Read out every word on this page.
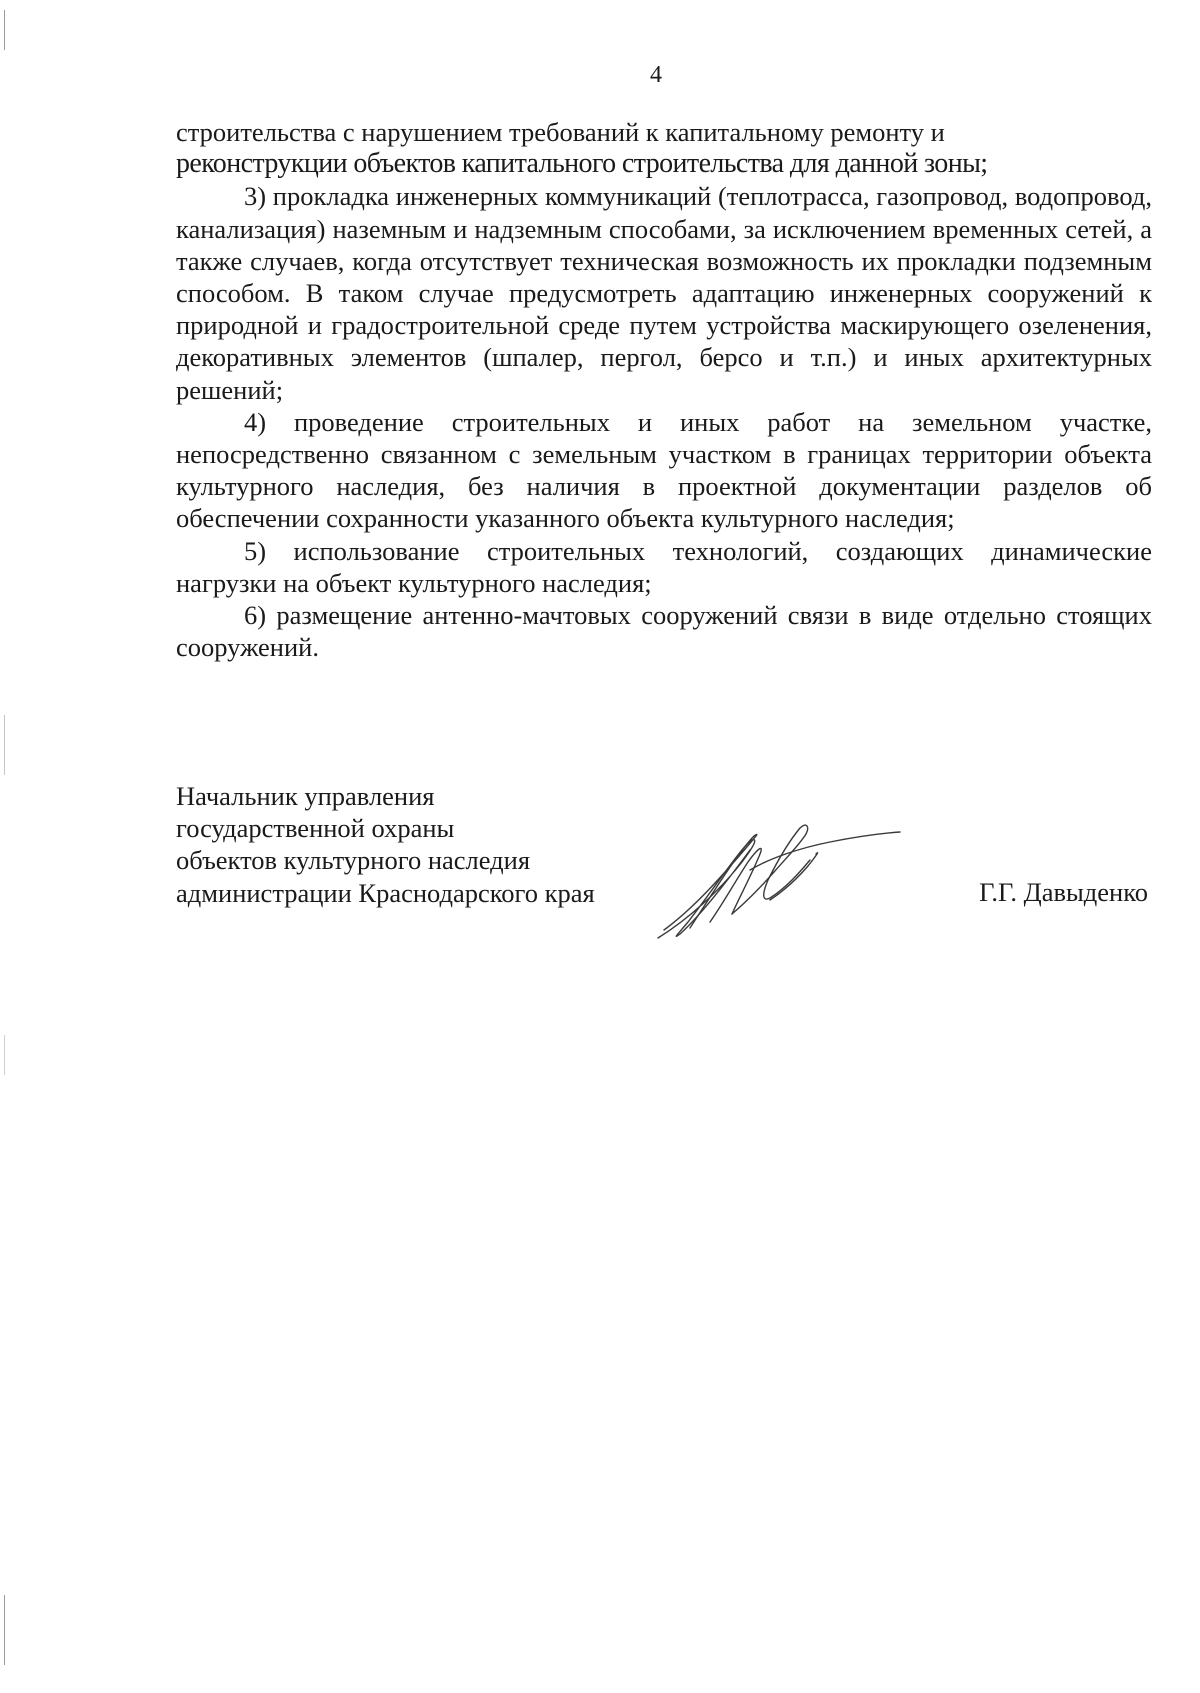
4

строительства с нарушением требований к капитальному ремонту и

реконструкции объектов капитального строительства для данной зоны;

3) прокладка инженерных коммуникаций (теплотрасса, газопровод, водопровод, канализация) наземным и надземным способами, за исключением временных сетей, а также случаев, когда отсутствует техническая возможность их прокладки подземным способом. В таком случае предусмотреть адаптацию инженерных сооружений к природной и градостроительной среде путем устройства маскирующего озеленения, декоративных элементов (шпалер, пергол, берсо и т.п.) и иных архитектурных решений;

4) проведение строительных и иных работ на земельном участке, непосредственно связанном с земельным участком в границах территории объекта культурного наследия, без наличия в проектной документации разделов об обеспечении сохранности указанного объекта культурного наследия;

5) использование строительных технологий, создающих динамические нагрузки на объект культурного наследия;

6) размещение антенно-мачтовых сооружений связи в виде отдельно стоящих сооружений.

Начальник управления
государственной охраны
объектов культурного наследия
администрации Краснодарского края	Г.Г. Давыденко
